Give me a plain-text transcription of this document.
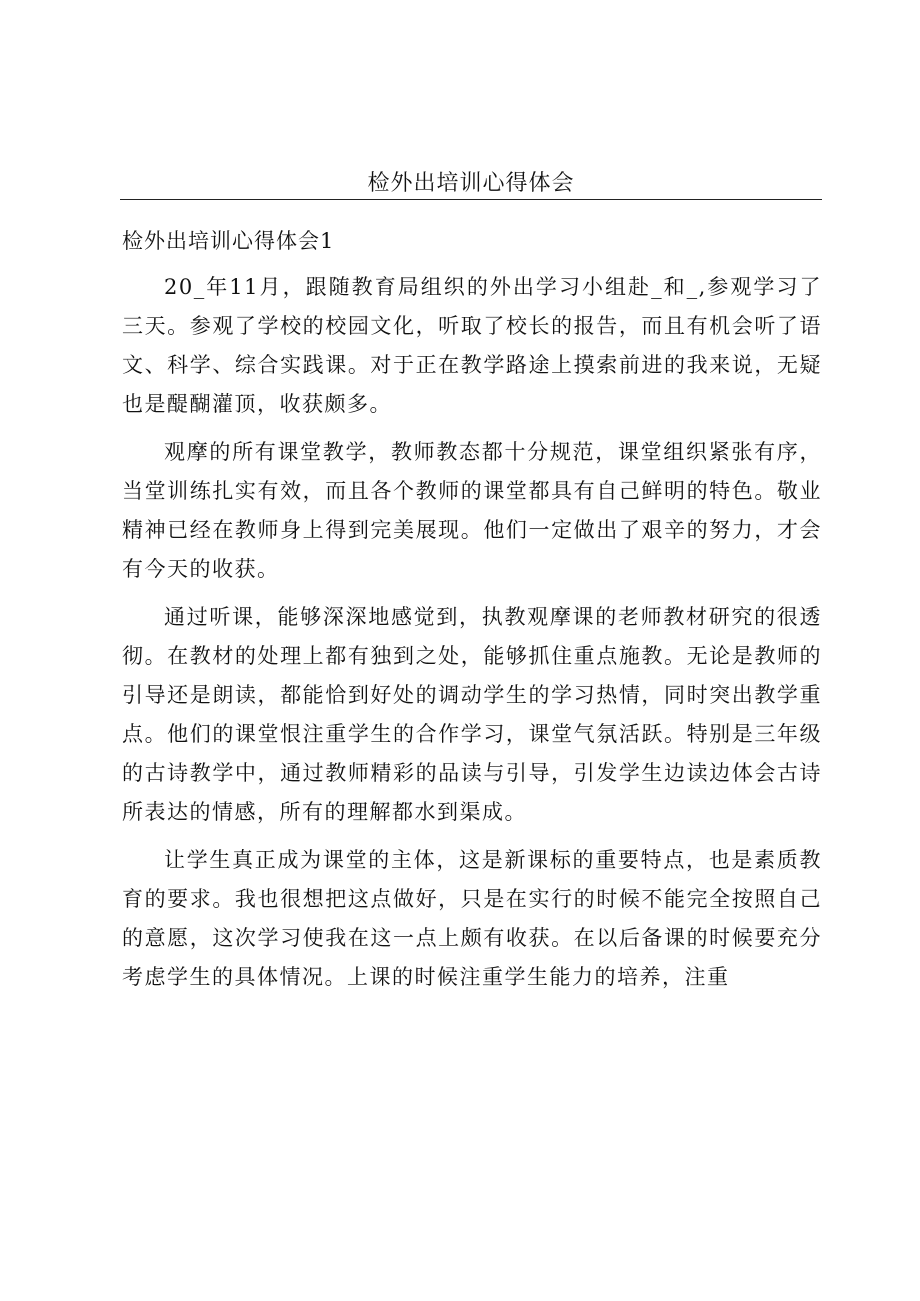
检外出培训心得体会
检外出培训心得体会1

20_年11月，跟随教育局组织的外出学习小组赴_和_,参观学习了三天。参观了学校的校园文化，听取了校长的报告，而且有机会听了语文、科学、综合实践课。对于正在教学路途上摸索前进的我来说，无疑也是醍醐灌顶，收获颇多。

观摩的所有课堂教学，教师教态都十分规范，课堂组织紧张有序，当堂训练扎实有效，而且各个教师的课堂都具有自己鲜明的特色。敬业精神已经在教师身上得到完美展现。他们一定做出了艰辛的努力，才会有今天的收获。

通过听课，能够深深地感觉到，执教观摩课的老师教材研究的很透彻。在教材的处理上都有独到之处，能够抓住重点施教。无论是教师的引导还是朗读，都能恰到好处的调动学生的学习热情，同时突出教学重点。他们的课堂恨注重学生的合作学习，课堂气氛活跃。特别是三年级的古诗教学中，通过教师精彩的品读与引导，引发学生边读边体会古诗所表达的情感，所有的理解都水到渠成。

让学生真正成为课堂的主体，这是新课标的重要特点，也是素质教育的要求。我也很想把这点做好，只是在实行的时候不能完全按照自己的意愿，这次学习使我在这一点上颇有收获。在以后备课的时候要充分考虑学生的具体情况。上课的时候注重学生能力的培养，注重
